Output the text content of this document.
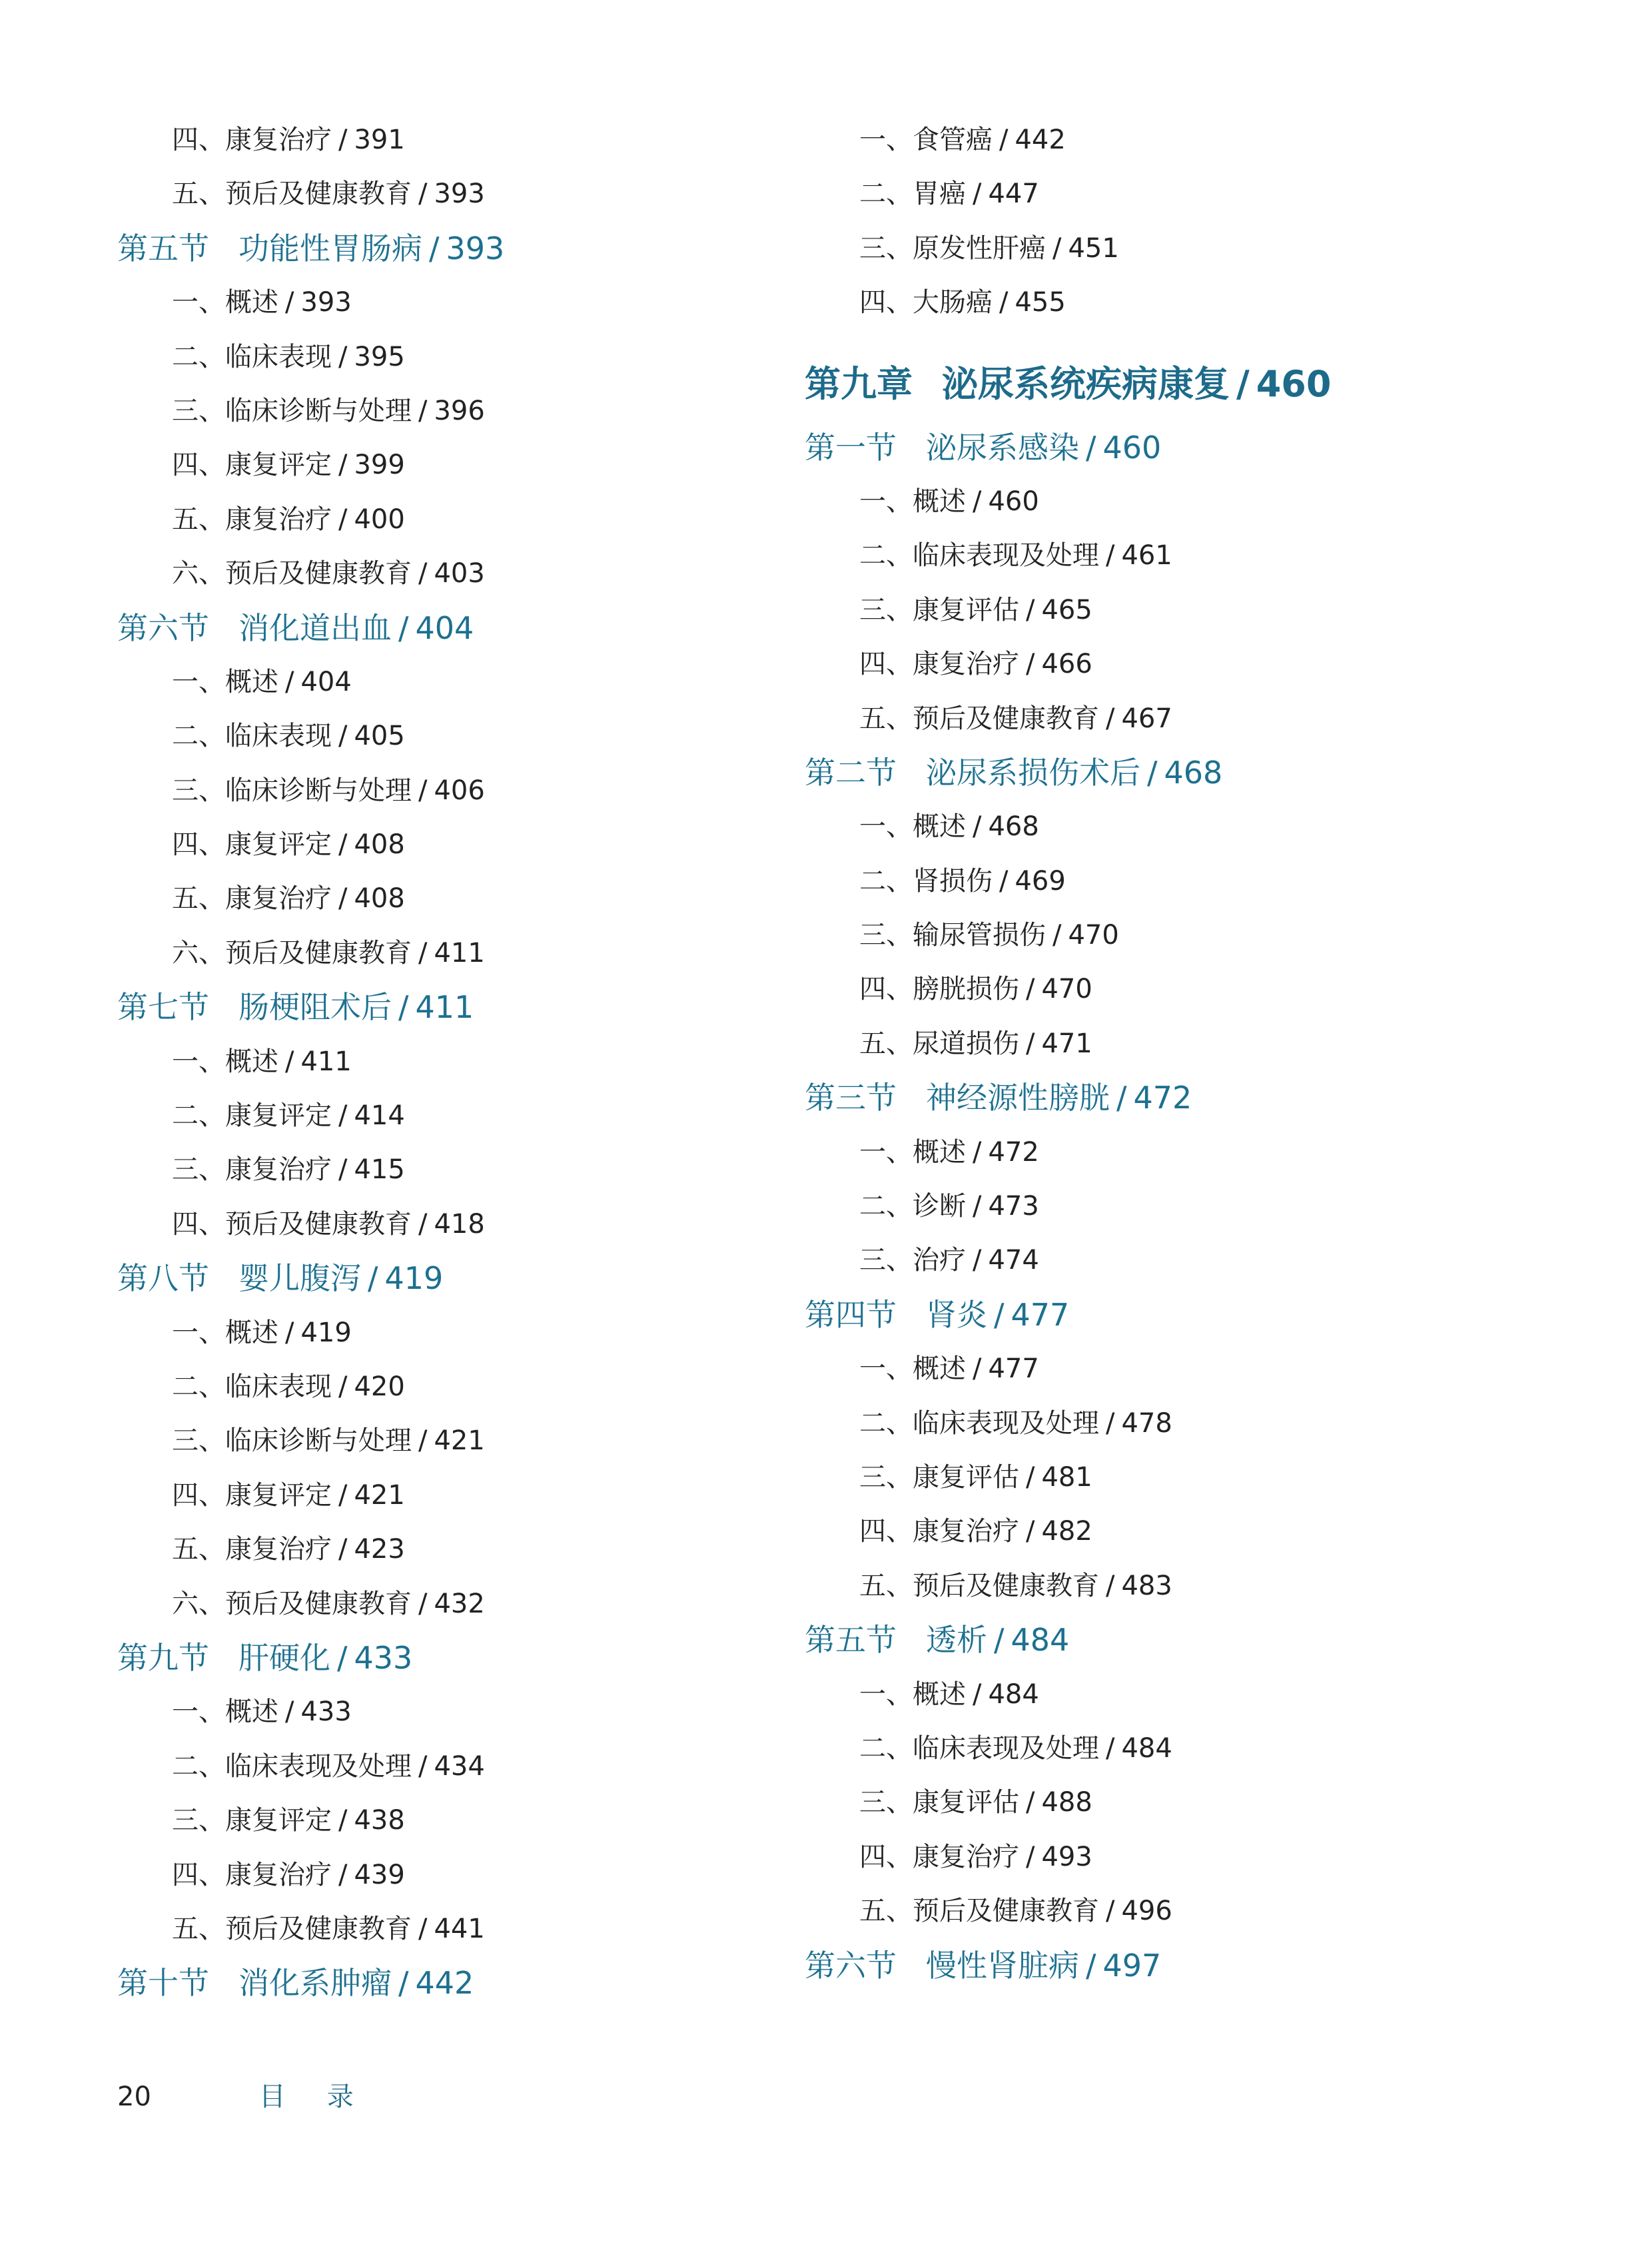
四、康复治疗 / 391
五、预后及健康教育 / 393
第五节 功能性胃肠病 / 393
一、概述 / 393
二、临床表现 / 395
三、临床诊断与处理 / 396
四、康复评定 / 399
五、康复治疗 / 400
六、预后及健康教育 / 403
第六节 消化道出血 / 404
一、概述 / 404
二、临床表现 / 405
三、临床诊断与处理 / 406
四、康复评定 / 408
五、康复治疗 / 408
六、预后及健康教育 / 411
第七节 肠梗阻术后 / 411
一、概述 / 411
二、康复评定 / 414
三、康复治疗 / 415
四、预后及健康教育 / 418
第八节 婴儿腹泻 / 419
一、概述 / 419
二、临床表现 / 420
三、临床诊断与处理 / 421
四、康复评定 / 421
五、康复治疗 / 423
六、预后及健康教育 / 432
第九节 肝硬化 / 433
一、概述 / 433
二、临床表现及处理 / 434
三、康复评定 / 438
四、康复治疗 / 439
五、预后及健康教育 / 441
第十节 消化系肿瘤 / 442
一、食管癌 / 442
二、胃癌 / 447
三、原发性肝癌 / 451
四、大肠癌 / 455
第九章 泌尿系统疾病康复 / 460
第一节 泌尿系感染 / 460
一、概述 / 460
二、临床表现及处理 / 461
三、康复评估 / 465
四、康复治疗 / 466
五、预后及健康教育 / 467
第二节 泌尿系损伤术后 / 468
一、概述 / 468
二、肾损伤 / 469
三、输尿管损伤 / 470
四、膀胱损伤 / 470
五、尿道损伤 / 471
第三节 神经源性膀胱 / 472
一、概述 / 472
二、诊断 / 473
三、治疗 / 474
第四节 肾炎 / 477
一、概述 / 477
二、临床表现及处理 / 478
三、康复评估 / 481
四、康复治疗 / 482
五、预后及健康教育 / 483
第五节 透析 / 484
一、概述 / 484
二、临床表现及处理 / 484
三、康复评估 / 488
四、康复治疗 / 493
五、预后及健康教育 / 496
第六节 慢性肾脏病 / 497
20	目录
